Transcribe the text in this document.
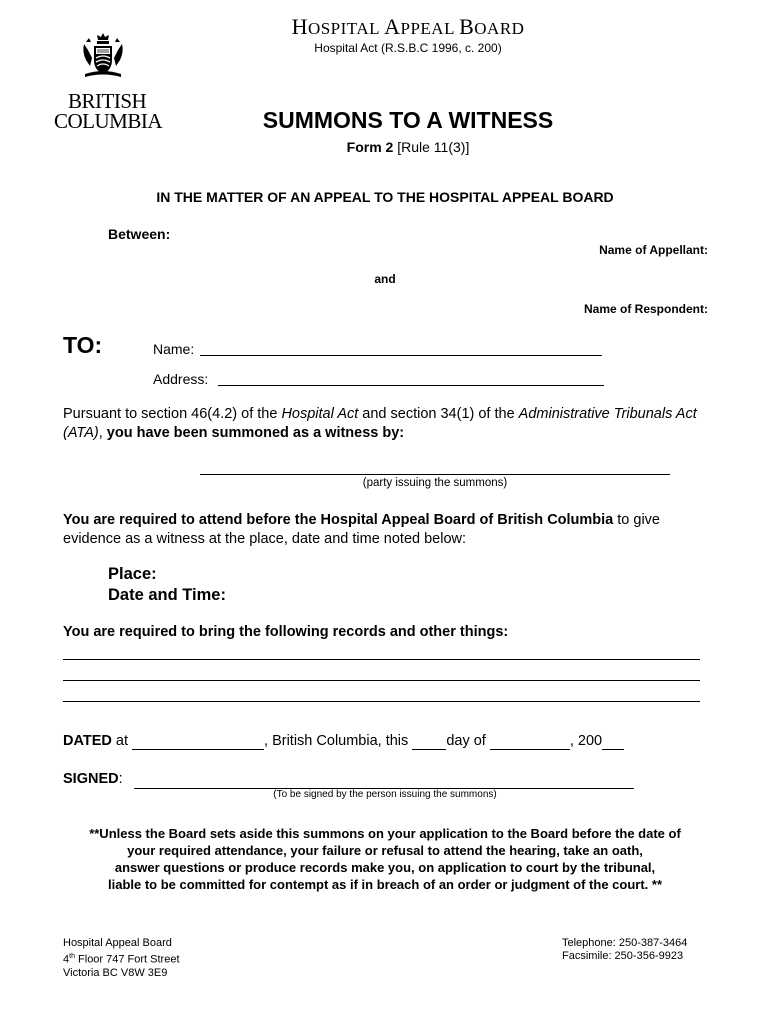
BRITISH
COLUMBIA
HOSPITAL APPEAL BOARD
Hospital Act (R.S.B.C 1996, c. 200)
SUMMONS TO A WITNESS
Form 2 [Rule 11(3)]
IN THE MATTER OF AN APPEAL TO THE HOSPITAL APPEAL BOARD
Between:
Name of Appellant:
and
Name of Respondent:
TO:	Name:
Address:
Pursuant to section 46(4.2) of the Hospital Act and section 34(1) of the Administrative Tribunals Act (ATA), you have been summoned as a witness by:
(party issuing the summons)
You are required to attend before the Hospital Appeal Board of British Columbia to give evidence as a witness at the place, date and time noted below:
Place:
Date and Time:
You are required to bring the following records and other things:
DATED at	, British Columbia, this day of	, 200
SIGNED:
(To be signed by the person issuing the summons)
**Unless the Board sets aside this summons on your application to the Board before the date of
your required attendance, your failure or refusal to attend the hearing, take an oath,
answer questions or produce records make you, on application to court by the tribunal,
liable to be committed for contempt as if in breach of an order or judgment of the court. **
Hospital Appeal Board
4th Floor 747 Fort Street
Victoria BC V8W 3E9
Telephone: 250-387-3464
Facsimile: 250-356-9923
